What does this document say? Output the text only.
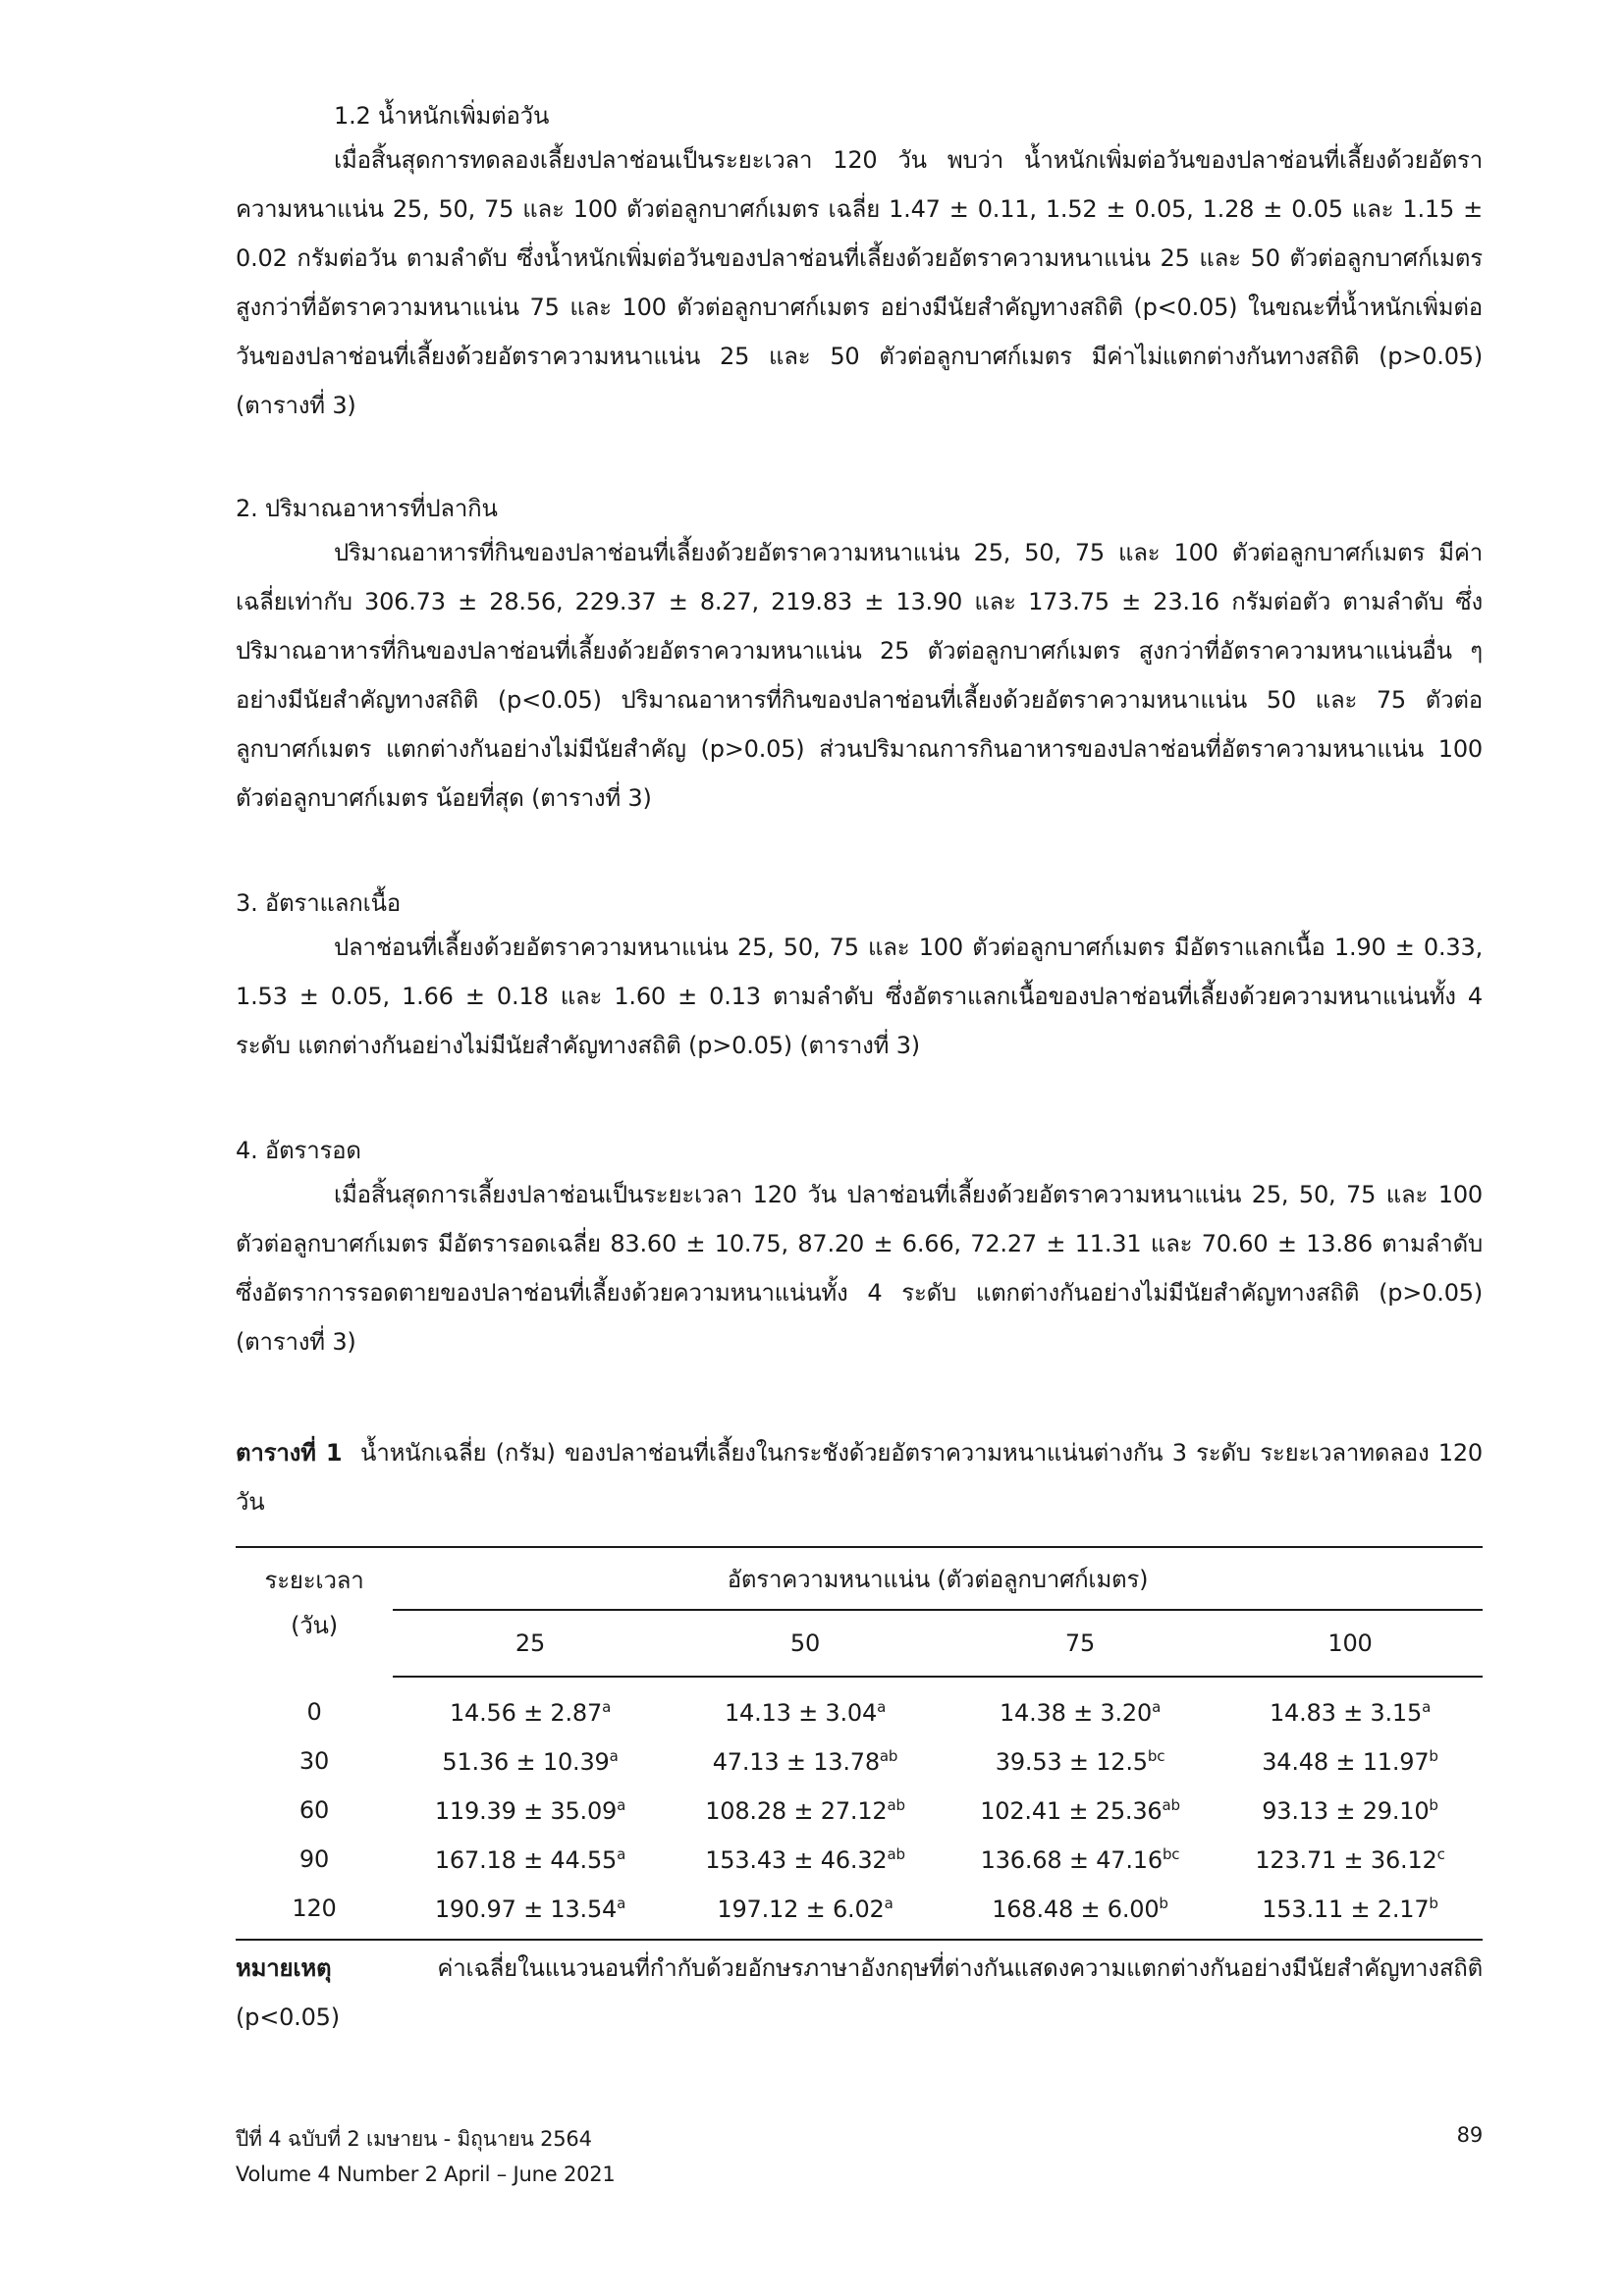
1.2 น้ำหนักเพิ่มต่อวัน
เมื่อสิ้นสุดการทดลองเลี้ยงปลาช่อนเป็นระยะเวลา 120 วัน พบว่า น้ำหนักเพิ่มต่อวันของปลาช่อนที่เลี้ยงด้วยอัตราความหนาแน่น 25, 50, 75 และ 100 ตัวต่อลูกบาศก์เมตร เฉลี่ย 1.47 ± 0.11, 1.52 ± 0.05, 1.28 ± 0.05 และ 1.15 ± 0.02 กรัมต่อวัน ตามลำดับ ซึ่งน้ำหนักเพิ่มต่อวันของปลาช่อนที่เลี้ยงด้วยอัตราความหนาแน่น 25 และ 50 ตัวต่อลูกบาศก์เมตร สูงกว่าที่อัตราความหนาแน่น 75 และ 100 ตัวต่อลูกบาศก์เมตร อย่างมีนัยสำคัญทางสถิติ (p<0.05) ในขณะที่น้ำหนักเพิ่มต่อวันของปลาช่อนที่เลี้ยงด้วยอัตราความหนาแน่น 25 และ 50 ตัวต่อลูกบาศก์เมตร มีค่าไม่แตกต่างกันทางสถิติ (p>0.05) (ตารางที่ 3)
2. ปริมาณอาหารที่ปลากิน
ปริมาณอาหารที่กินของปลาช่อนที่เลี้ยงด้วยอัตราความหนาแน่น 25, 50, 75 และ 100 ตัวต่อลูกบาศก์เมตร มีค่าเฉลี่ยเท่ากับ 306.73 ± 28.56, 229.37 ± 8.27, 219.83 ± 13.90 และ 173.75 ± 23.16 กรัมต่อตัว ตามลำดับ ซึ่งปริมาณอาหารที่กินของปลาช่อนที่เลี้ยงด้วยอัตราความหนาแน่น 25 ตัวต่อลูกบาศก์เมตร สูงกว่าที่อัตราความหนาแน่นอื่น ๆ อย่างมีนัยสำคัญทางสถิติ (p<0.05) ปริมาณอาหารที่กินของปลาช่อนที่เลี้ยงด้วยอัตราความหนาแน่น 50 และ 75 ตัวต่อลูกบาศก์เมตร แตกต่างกันอย่างไม่มีนัยสำคัญ (p>0.05) ส่วนปริมาณการกินอาหารของปลาช่อนที่อัตราความหนาแน่น 100 ตัวต่อลูกบาศก์เมตร น้อยที่สุด (ตารางที่ 3)
3. อัตราแลกเนื้อ
ปลาช่อนที่เลี้ยงด้วยอัตราความหนาแน่น 25, 50, 75 และ 100 ตัวต่อลูกบาศก์เมตร มีอัตราแลกเนื้อ 1.90 ± 0.33, 1.53 ± 0.05, 1.66 ± 0.18 และ 1.60 ± 0.13 ตามลำดับ ซึ่งอัตราแลกเนื้อของปลาช่อนที่เลี้ยงด้วยความหนาแน่นทั้ง 4 ระดับ แตกต่างกันอย่างไม่มีนัยสำคัญทางสถิติ (p>0.05) (ตารางที่ 3)
4. อัตรารอด
เมื่อสิ้นสุดการเลี้ยงปลาช่อนเป็นระยะเวลา 120 วัน ปลาช่อนที่เลี้ยงด้วยอัตราความหนาแน่น 25, 50, 75 และ 100 ตัวต่อลูกบาศก์เมตร มีอัตรารอดเฉลี่ย 83.60 ± 10.75, 87.20 ± 6.66, 72.27 ± 11.31 และ 70.60 ± 13.86 ตามลำดับ ซึ่งอัตราการรอดตายของปลาช่อนที่เลี้ยงด้วยความหนาแน่นทั้ง 4 ระดับ แตกต่างกันอย่างไม่มีนัยสำคัญทางสถิติ (p>0.05) (ตารางที่ 3)
ตารางที่ 1 น้ำหนักเฉลี่ย (กรัม) ของปลาช่อนที่เลี้ยงในกระชังด้วยอัตราความหนาแน่นต่างกัน 3 ระดับ ระยะเวลาทดลอง 120 วัน
ระยะเวลา
(วัน)	อัตราความหนาแน่น (ตัวต่อลูกบาศก์เมตร)			
	25	50	75	100
0	14.56 ± 2.87$^a$	14.13 ± 3.04$^a$	14.38 ± 3.20$^a$	14.83 ± 3.15$^a$
30	51.36 ± 10.39$^a$	47.13 ± 13.78$^{ab}$	39.53 ± 12.5$^{bc}$	34.48 ± 11.97$^b$
60	119.39 ± 35.09$^a$	108.28 ± 27.12$^{ab}$	102.41 ± 25.36$^{ab}$	93.13 ± 29.10$^b$
90	167.18 ± 44.55$^a$	153.43 ± 46.32$^{ab}$	136.68 ± 47.16$^{bc}$	123.71 ± 36.12$^c$
120	190.97 ± 13.54$^a$	197.12 ± 6.02$^a$	168.48 ± 6.00$^b$	153.11 ± 2.17$^b$
หมายเหตุ	ค่าเฉลี่ยในแนวนอนที่กำกับด้วยอักษรภาษาอังกฤษที่ต่างกันแสดงความแตกต่างกันอย่างมีนัยสำคัญทางสถิติ (p<0.05)
ปีที่ 4 ฉบับที่ 2 เมษายน - มิถุนายน 2564
Volume 4 Number 2 April – June 2021
89
